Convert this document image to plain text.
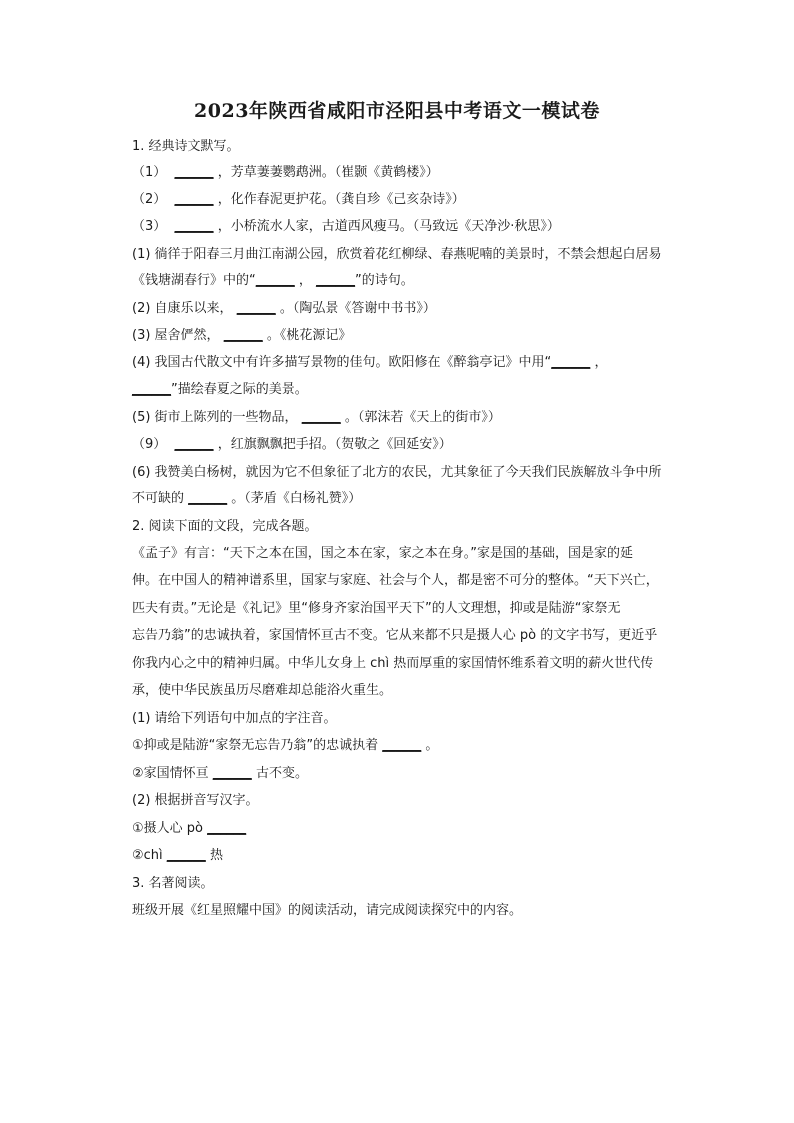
2023年陕西省咸阳市泾阳县中考语文一模试卷
1. 经典诗文默写。
（1） ______ ，芳草萋萋鹦鹉洲。（崔颢《黄鹤楼》）
（2） ______ ，化作春泥更护花。（龚自珍《己亥杂诗》）
（3） ______ ，小桥流水人家，古道西风瘦马。（马致远《天净沙·秋思》）
(1) 徜徉于阳春三月曲江南湖公园，欣赏着花红柳绿、春燕呢喃的美景时，不禁会想起白居易
《钱塘湖春行》中的“______ ， ______”的诗句。
(2) 自康乐以来， ______ 。（陶弘景《答谢中书书》）
(3) 屋舍俨然， ______ 。《桃花源记》
(4) 我国古代散文中有许多描写景物的佳句。欧阳修在《醉翁亭记》中用“______ ，
______”描绘春夏之际的美景。
(5) 街市上陈列的一些物品， ______ 。（郭沫若《天上的街市》）
（9） ______ ，红旗飘飘把手招。（贺敬之《回延安》）
(6) 我赞美白杨树，就因为它不但象征了北方的农民，尤其象征了今天我们民族解放斗争中所
不可缺的 ______ 。（茅盾《白杨礼赞》）
2. 阅读下面的文段，完成各题。
《孟子》有言：“天下之本在国，国之本在家，家之本在身。”家是国的基础，国是家的延
伸。在中国人的精神谱系里，国家与家庭、社会与个人，都是密不可分的整体。“天下兴亡，
匹夫有责。”无论是《礼记》里“修身齐家治国平天下”的人文理想，抑或是陆游“家祭无
忘告乃翁”的忠诚执着，家国情怀亘古不变。它从来都不只是摄人心 pò 的文字书写，更近乎
你我内心之中的精神归属。中华儿女身上 chì 热而厚重的家国情怀维系着文明的薪火世代传
承，使中华民族虽历尽磨难却总能浴火重生。
(1) 请给下列语句中加点的字注音。
①抑或是陆游“家祭无忘告乃翁”的忠诚执着 ______ 。
②家国情怀亘 ______ 古不变。
(2) 根据拼音写汉字。
①摄人心 pò ______
②chì ______ 热
3. 名著阅读。
班级开展《红星照耀中国》的阅读活动，请完成阅读探究中的内容。
